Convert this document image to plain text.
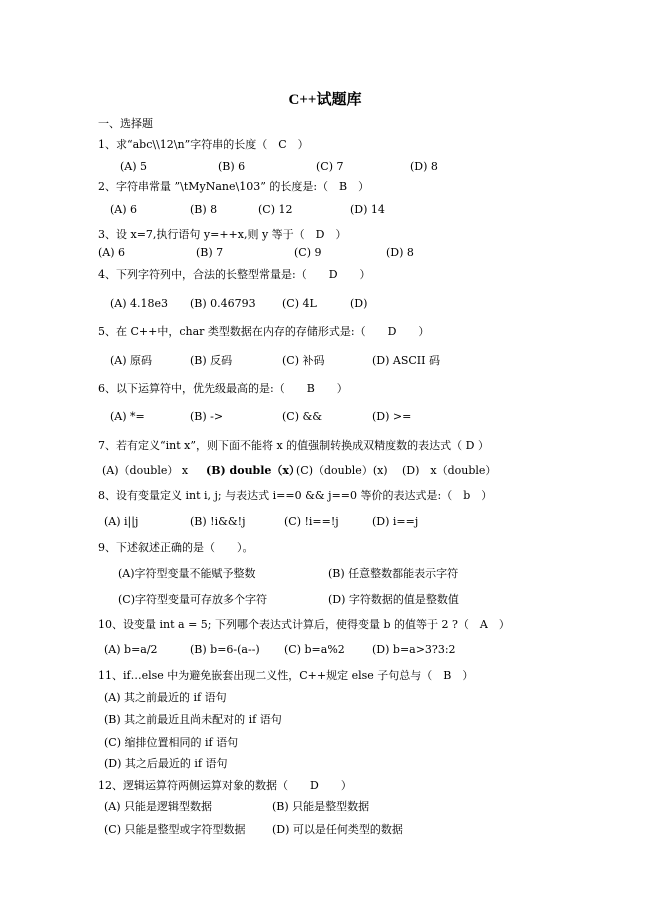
C++试题库
一、选择题
1、求“abc\\12\n”字符串的长度（　C　）
(A) 5	(B) 6	(C) 7	(D) 8
2、字符串常量 ”\tMyNane\103” 的长度是:（　B　）
(A) 6	(B) 8	(C) 12	(D) 14
3、设 x=7,执行语句 y=++x,则 y 等于（　D　）
(A) 6	(B) 7	(C) 9	(D) 8
4、下列字符列中，合法的长整型常量是:（　　D　　）
(A) 4.18e3 (B) 0.46793 (C) 4L	(D)
5、在 C++中，char 类型数据在内存的存储形式是:（　　D　　）
(A) 原码	(B) 反码	(C) 补码	(D) ASCII 码
6、以下运算符中，优先级最高的是:（　　B　　）
(A) *=	(B) ->	(C) &&	(D) >=
7、若有定义“int x”，则下面不能将 x 的值强制转换成双精度数的表达式（ D ）
(A)（double） x (B) double（x）
(C)（double）(x) (D)　x（double）
8、设有变量定义 int i, j; 与表达式 i==0 && j==0 等价的表达式是:（　b　）
(A) i||j	(B) !i&&!j	(C) !i==!j	(D) i==j
9、下述叙述正确的是（　　）。
(A)字符型变量不能赋予整数	(B) 任意整数都能表示字符
(C)字符型变量可存放多个字符	(D) 字符数据的值是整数值
10、设变量 int a = 5; 下列哪个表达式计算后，使得变量 b 的值等于 2 ?（　A　）
(A) b=a/2	(B) b=6-(a--) (C) b=a%2 (D) b=a>3?3:2
11、if…else 中为避免嵌套出现二义性，C++规定 else 子句总与（　B　）
(A) 其之前最近的 if 语句
(B) 其之前最近且尚未配对的 if 语句
(C) 缩排位置相同的 if 语句
(D) 其之后最近的 if 语句
12、逻辑运算符两侧运算对象的数据（　　D　　）
(A) 只能是逻辑型数据	(B) 只能是整型数据
(C) 只能是整型或字符型数据 (D) 可以是任何类型的数据
